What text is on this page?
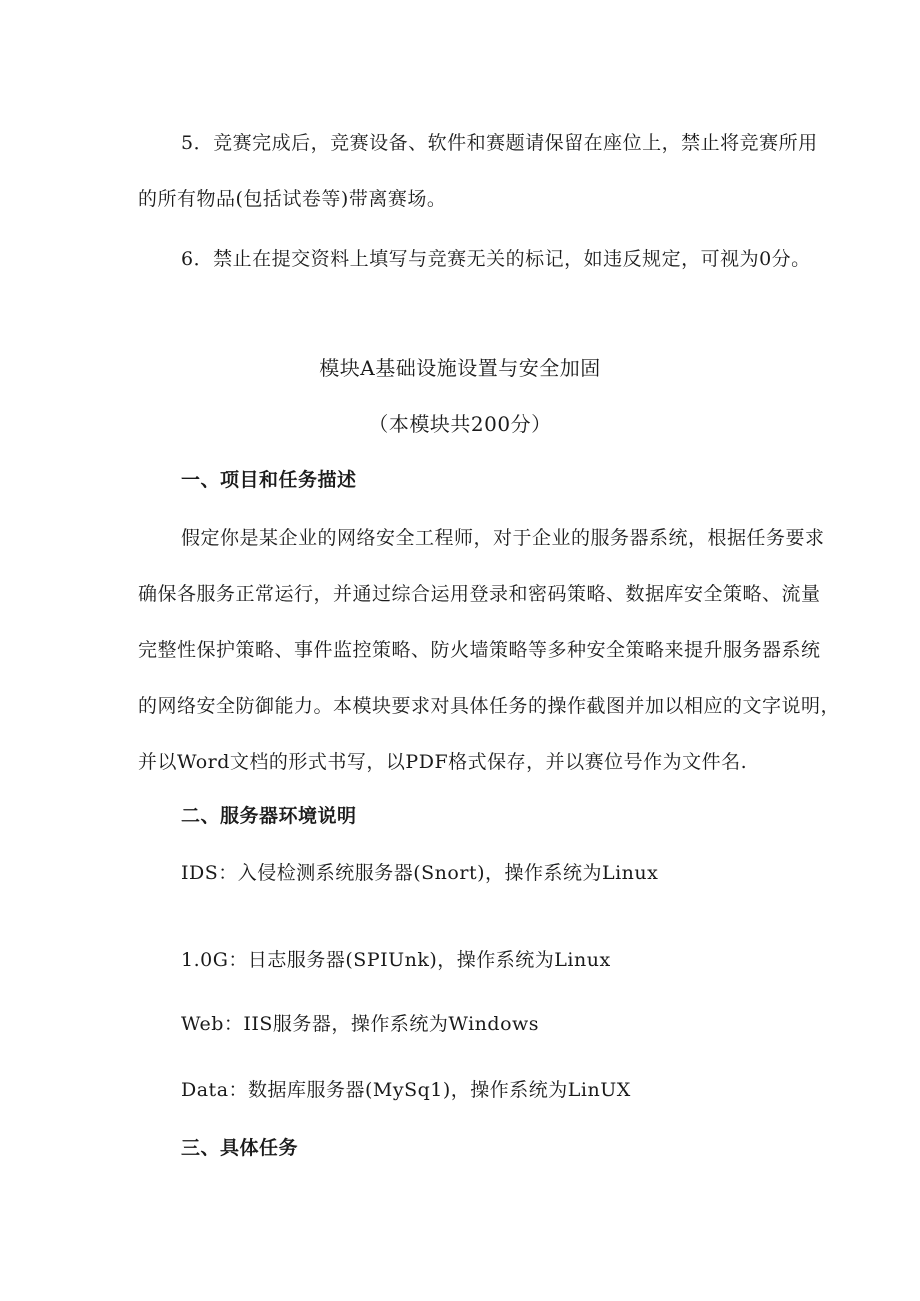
5．竞赛完成后，竞赛设备、软件和赛题请保留在座位上，禁止将竞赛所用
的所有物品(包括试卷等)带离赛场。
6．禁止在提交资料上填写与竞赛无关的标记，如违反规定，可视为0分。
模块A基础设施设置与安全加固
（本模块共200分）
一、项目和任务描述
假定你是某企业的网络安全工程师，对于企业的服务器系统，根据任务要求
确保各服务正常运行，并通过综合运用登录和密码策略、数据库安全策略、流量
完整性保护策略、事件监控策略、防火墙策略等多种安全策略来提升服务器系统
的网络安全防御能力。本模块要求对具体任务的操作截图并加以相应的文字说明，
并以Word文档的形式书写，以PDF格式保存，并以赛位号作为文件名.
二、服务器环境说明
IDS：入侵检测系统服务器(Snort)，操作系统为Linux
1.0G：日志服务器(SPIUnk)，操作系统为Linux
Web：IIS服务器，操作系统为Windows
Data：数据库服务器(MySq1)，操作系统为LinUX
三、具体任务
